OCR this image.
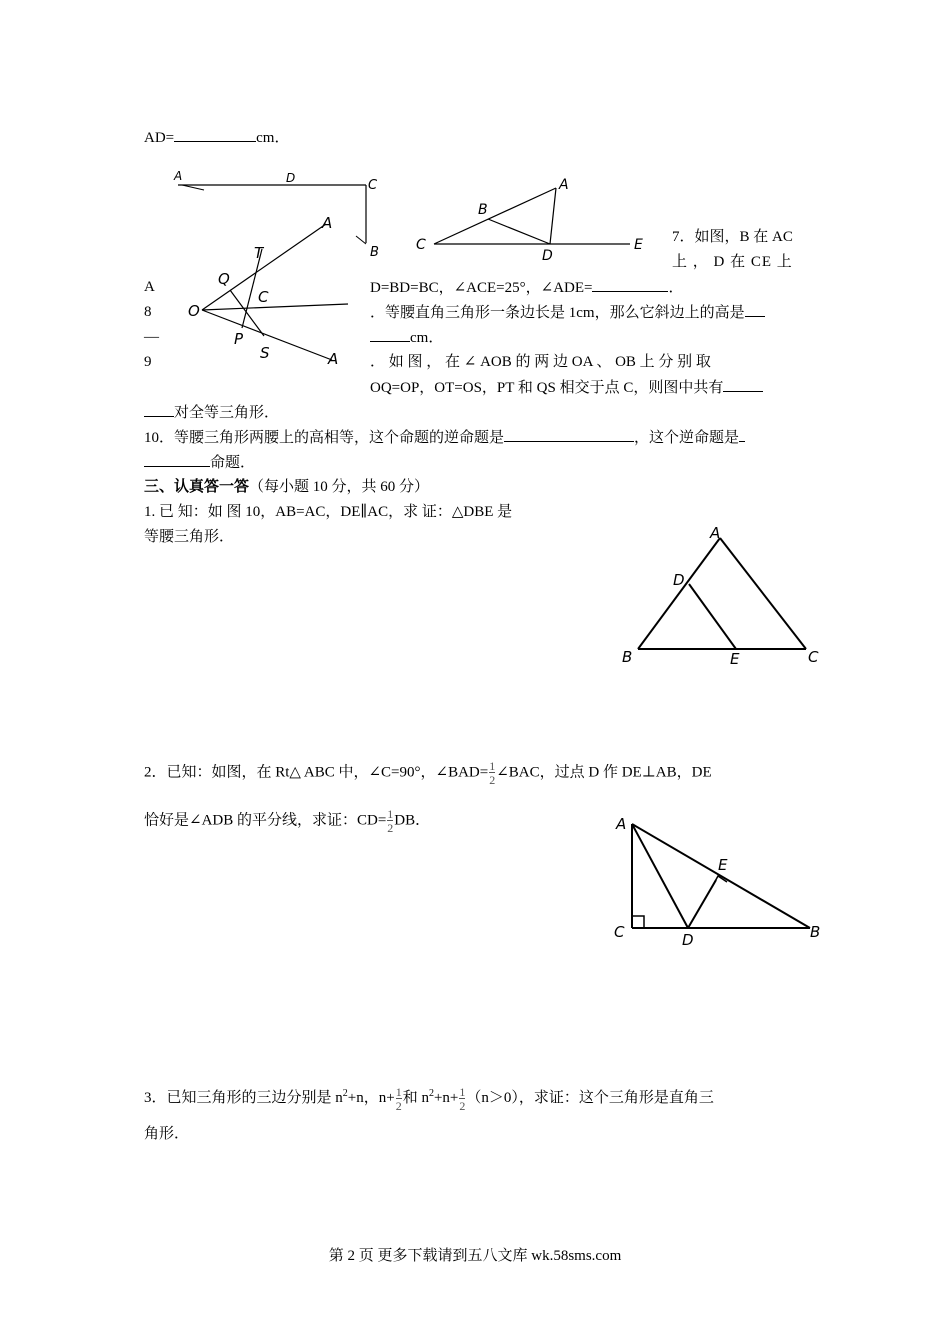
AD=	cm．
A	D	C
B
B
A
C
D
E
A
T
Q
C
O
P
S	A
7．如图，B 在 AC
上 ， D 在 CE 上
A	D=BD=BC，∠ACE=25°，∠ADE=	．
8	．等腰直角三角形一条边长是 1cm，那么它斜边上的高是
—	cm．
9	． 如 图 ， 在 ∠ AOB 的 两 边 OA 、 OB 上 分 别 取
OQ=OP，OT=OS，PT 和 QS 相交于点 C，则图中共有
对全等三角形．
10．等腰三角形两腰上的高相等，这个命题的逆命题是	，这个逆命题是
命题．
三、认真答一答（每小题 10 分，共 60 分）
1. 已 知：如 图 10，AB=AC，DE∥AC，求 证：△DBE 是
等腰三角形．	A
D
B	E	C
2．已知：如图，在 Rt△ ABC 中，∠C=90°，∠BAD= $\frac{1}{2}$ ∠BAC，过点 D 作 DE⊥AB，DE
恰好是∠ADB 的平分线，求证：$CD= \frac{1}{2}$ DB．	A
E
C	D	B
3．已知三角形的三边分别是 $n^2+n$，$n+ \frac{1}{2}$ 和 $n^2+n+ \frac{1}{2} (n>0)$，求证：这个三角形是直角三
角形．
第 2 页 更多下载请到五八文库 wk.58sms.com
